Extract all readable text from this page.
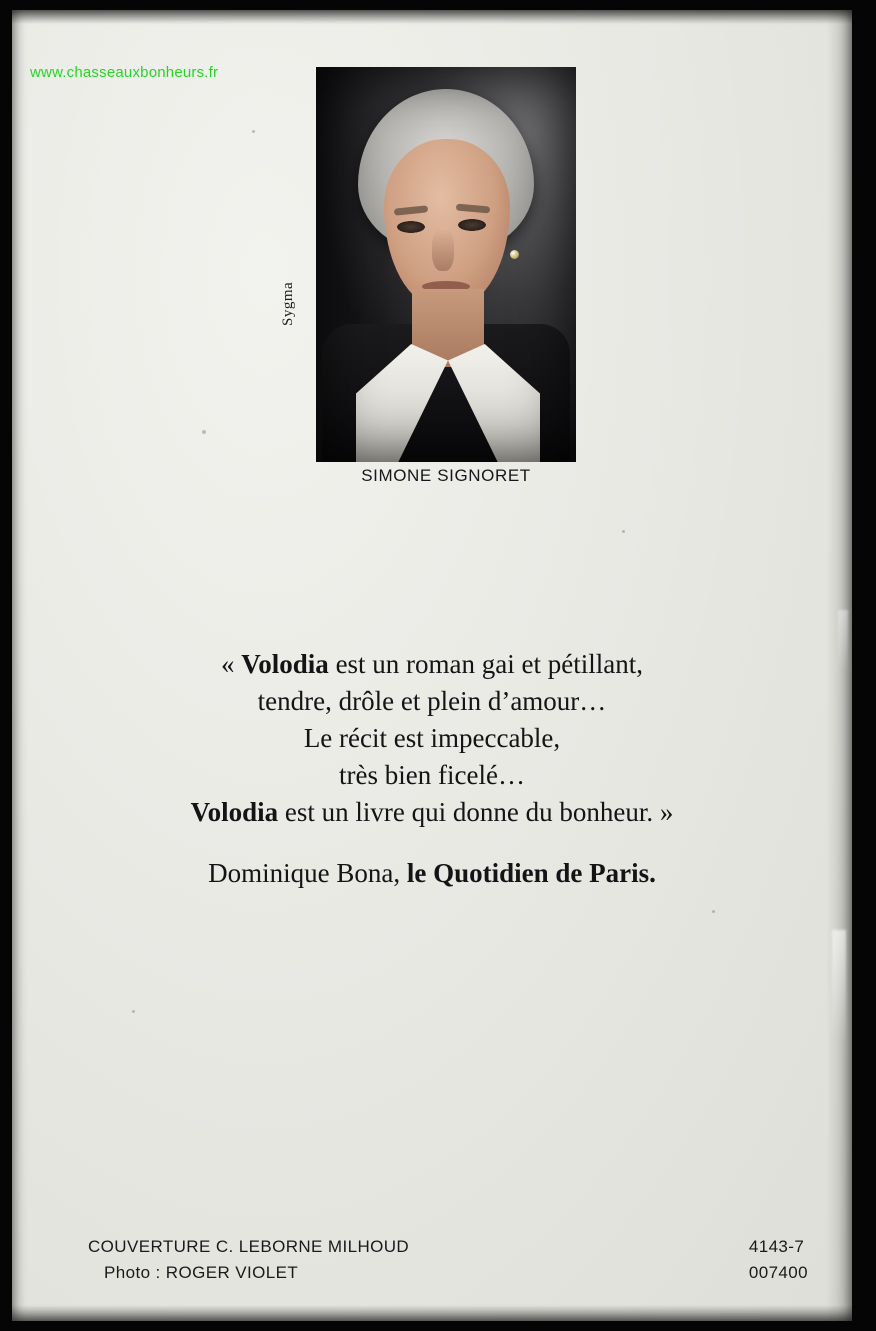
www.chasseauxbonheurs.fr
Sygma
SIMONE SIGNORET
« Volodia est un roman gai et pétillant,
tendre, drôle et plein d’amour…
Le récit est impeccable,
très bien ficelé…
Volodia est un livre qui donne du bonheur. »
Dominique Bona, le Quotidien de Paris.
COUVERTURE C. LEBORNE MILHOUD
Photo : ROGER VIOLET
4143-7
007400
